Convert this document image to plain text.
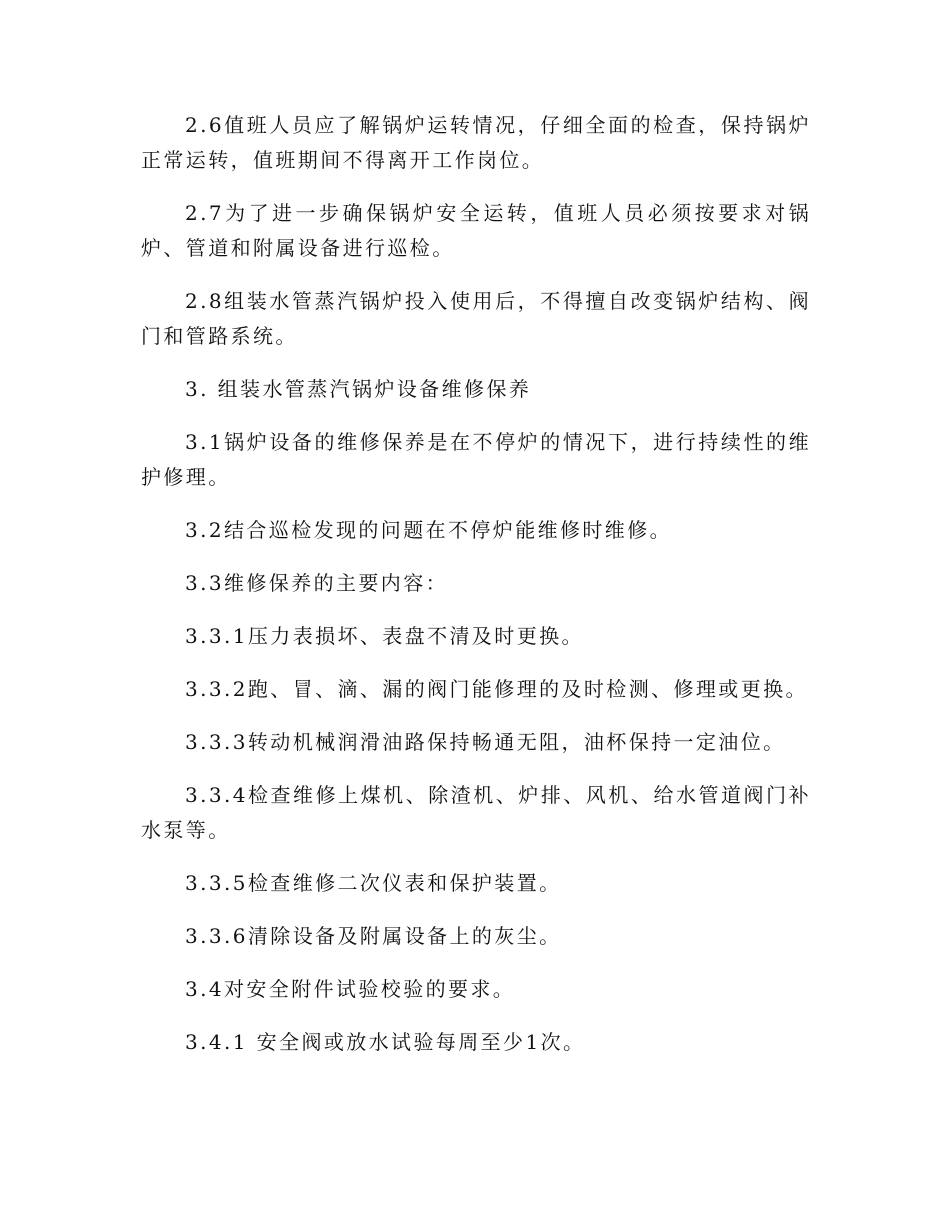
2.6值班人员应了解锅炉运转情况，仔细全面的检查，保持锅炉正常运转，值班期间不得离开工作岗位。

2.7为了进一步确保锅炉安全运转，值班人员必须按要求对锅炉、管道和附属设备进行巡检。

2.8组装水管蒸汽锅炉投入使用后，不得擅自改变锅炉结构、阀门和管路系统。

3. 组装水管蒸汽锅炉设备维修保养

3.1锅炉设备的维修保养是在不停炉的情况下，进行持续性的维护修理。

3.2结合巡检发现的问题在不停炉能维修时维修。

3.3维修保养的主要内容：

3.3.1压力表损坏、表盘不清及时更换。

3.3.2跑、冒、滴、漏的阀门能修理的及时检测、修理或更换。

3.3.3转动机械润滑油路保持畅通无阻，油杯保持一定油位。

3.3.4检查维修上煤机、除渣机、炉排、风机、给水管道阀门补水泵等。

3.3.5检查维修二次仪表和保护装置。

3.3.6清除设备及附属设备上的灰尘。

3.4对安全附件试验校验的要求。

3.4.1 安全阀或放水试验每周至少1次。
